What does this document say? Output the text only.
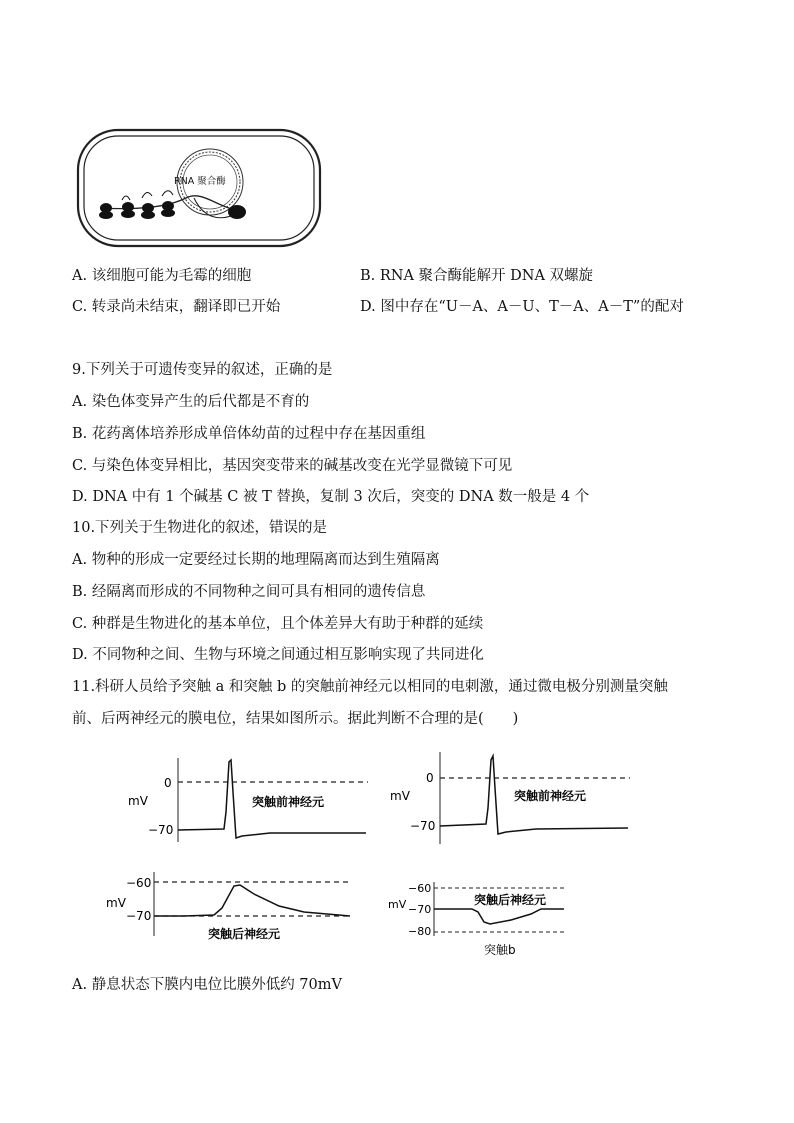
RNA 聚合酶
A. 该细胞可能为毛霉的细胞	B. RNA 聚合酶能解开 DNA 双螺旋
C. 转录尚未结束，翻译即已开始	D. 图中存在“U－A、A－U、T－A、A－T”的配对
9.下列关于可遗传变异的叙述，正确的是
A. 染色体变异产生的后代都是不育的
B. 花药离体培养形成单倍体幼苗的过程中存在基因重组
C. 与染色体变异相比，基因突变带来的碱基改变在光学显微镜下可见
D. DNA 中有 1 个碱基 C 被 T 替换，复制 3 次后，突变的 DNA 数一般是 4 个
10.下列关于生物进化的叙述，错误的是
A. 物种的形成一定要经过长期的地理隔离而达到生殖隔离
B. 经隔离而形成的不同物种之间可具有相同的遗传信息
C. 种群是生物进化的基本单位，且个体差异大有助于种群的延续
D. 不同物种之间、生物与环境之间通过相互影响实现了共同进化
11.科研人员给予突触 a 和突触 b 的突触前神经元以相同的电刺激，通过微电极分别测量突触
前、后两神经元的膜电位，结果如图所示。据此判断不合理的是(　　)
0
mV
−70
突触前神经元
0
mV
−70
突触前神经元
−60
mV
−70
突触后神经元
−60
mV −70
−80
突触后神经元
突触b
A. 静息状态下膜内电位比膜外低约 70mV
